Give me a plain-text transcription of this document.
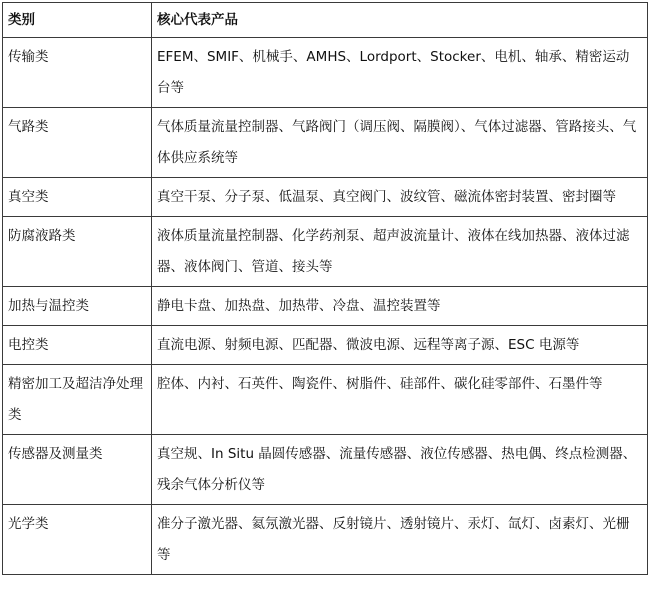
类别	核心代表产品
传输类	EFEM、SMIF、机械手、AMHS、Lordport、Stocker、电机、轴承、精密运动台等
气路类	气体质量流量控制器、气路阀门（调压阀、隔膜阀）、气体过滤器、管路接头、气体供应系统等
真空类	真空干泵、分子泵、低温泵、真空阀门、波纹管、磁流体密封装置、密封圈等
防腐液路类	液体质量流量控制器、化学药剂泵、超声波流量计、液体在线加热器、液体过滤器、液体阀门、管道、接头等
加热与温控类	静电卡盘、加热盘、加热带、冷盘、温控装置等
电控类	直流电源、射频电源、匹配器、微波电源、远程等离子源、ESC 电源等
精密加工及超洁净处理类	腔体、内衬、石英件、陶瓷件、树脂件、硅部件、碳化硅零部件、石墨件等
传感器及测量类	真空规、In Situ 晶圆传感器、流量传感器、液位传感器、热电偶、终点检测器、残余气体分析仪等
光学类	准分子激光器、氦氖激光器、反射镜片、透射镜片、汞灯、氙灯、卤素灯、光栅等
